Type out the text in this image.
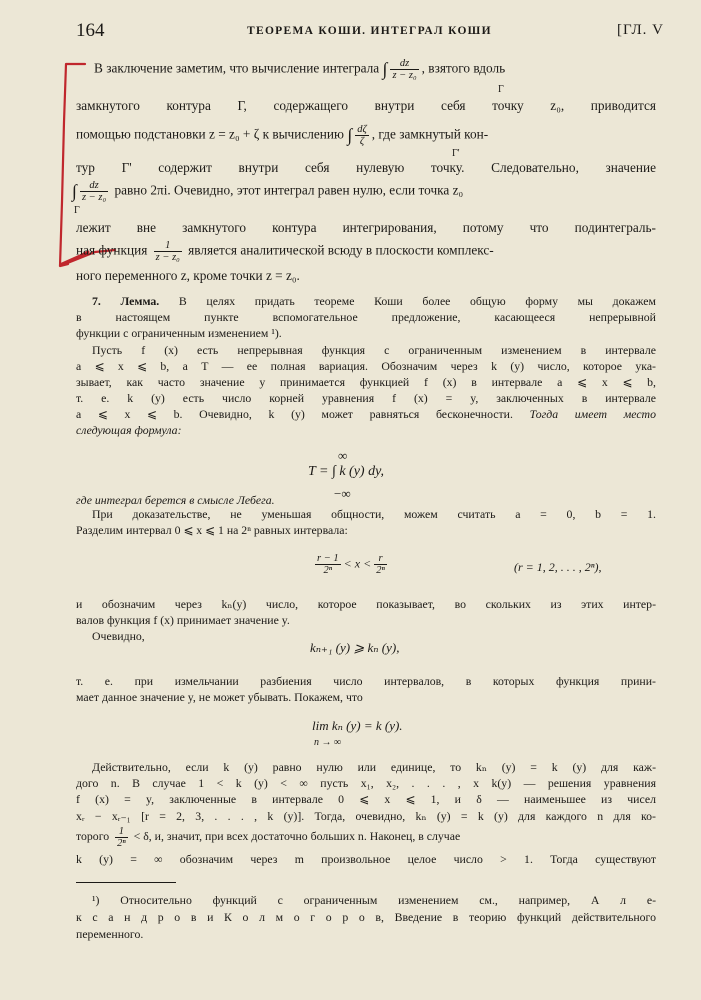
164	ТЕОРЕМА КОШИ. ИНТЕГРАЛ КОШИ	[ГЛ. V
В заключение заметим, что вычисление интеграла ∫ $\frac{dz}{\text{z − z₀}}$ , взятого вдоль
Γ
замкнутого контура Γ, содержащего внутри себя точку z₀, приводится
помощью подстановки z = z₀ + ζ к вычислению ∫ $\frac{d\zeta}{\zeta}$ , где замкнутый кон-
Γ'
тур Γ' содержит внутри себя нулевую точку. Следовательно, значение
∫ $\frac{dz}{\text{z − z₀}}$ равно 2πi. Очевидно, этот интеграл равен нулю, если точка z₀
Γ
лежит вне замкнутого контура интегрирования, потому что подинтеграль-
ная функция $\frac{1}{\text{z − z₀}}$ является аналитической всюду в плоскости комплекс-
ного переменного z, кроме точки z = z₀.
7. Лемма. В целях придать теореме Коши более общую форму мы докажем
в настоящем пункте вспомогательное предложение, касающееся непрерывной
функции с ограниченным изменением ¹).
Пусть f (x) есть непрерывная функция с ограниченным изменением в интервале
a ⩽ x ⩽ b, а T — ее полная вариация. Обозначим через k (y) число, которое ука-
зывает, как часто значение y принимается функцией f (x) в интервале a ⩽ x ⩽ b,
т. е. k (y) есть число корней уравнения f (x) = y, заключенных в интервале
a ⩽ x ⩽ b. Очевидно, k (y) может равняться бесконечности. Тогда имеет место
следующая формула:
∞
T = ∫ k (y) dy,
−∞
где интеграл берется в смысле Лебега.
При доказательстве, не уменьшая общности, можем считать a = 0, b = 1.
Разделим интервал 0 ⩽ x ⩽ 1 на 2ⁿ равных интервала:
$\frac{r - 1}{\text{2ⁿ}} < x < \frac{r}{\text{2ⁿ}}$	(r = 1, 2, . . . , 2ⁿ),
и обозначим через kₙ(y) число, которое показывает, во скольких из этих интер-
валов функция f (x) принимает значение y.
Очевидно,
kₙ₊₁ (y) ⩾ kₙ (y),
т. е. при измельчании разбиения число интервалов, в которых функция прини-
мает данное значение y, не может убывать. Покажем, что
lim kₙ (y) = k (y).
n → ∞
Действительно, если k (y) равно нулю или единице, то kₙ (y) = k (y) для каж-
дого n. В случае 1 < k (y) < ∞ пусть x₁, x₂, . . . , x k(y) — решения уравнения
f (x) = y, заключенные в интервале 0 ⩽ x ⩽ 1, и δ — наименьшее из чисел
xᵣ − xᵣ₋₁ [r = 2, 3, . . . , k (y)]. Тогда, очевидно, kₙ (y) = k (y) для каждого n для ко-
торого $\frac{1}{\text{2ⁿ}} < \delta$, и, значит, при всех достаточно больших n. Наконец, в случае
k (y) = ∞ обозначим через m произвольное целое число > 1. Тогда существуют
¹) Относительно функций с ограниченным изменением см., например, А л е-
к с а н д р о в и К о л м о г о р о в, Введение в теорию функций действительного
переменного.
